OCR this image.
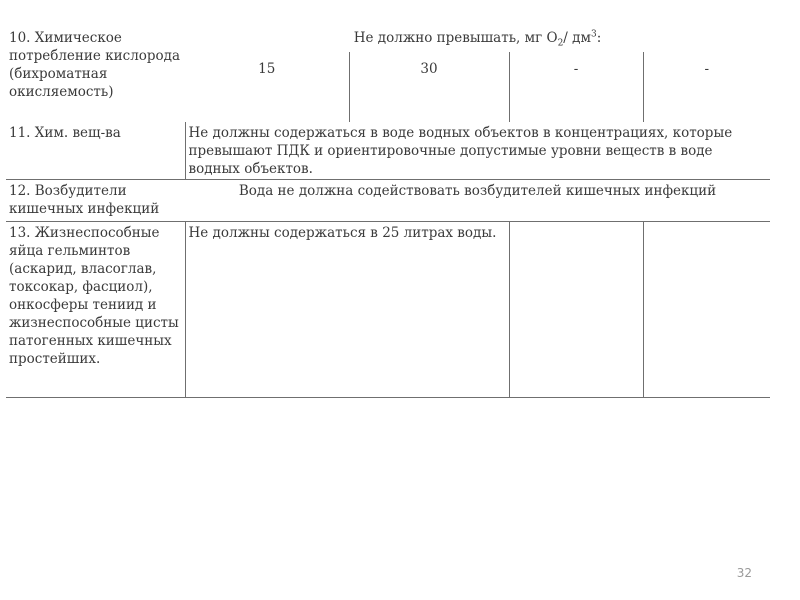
10. Химическое потребление кислорода (бихроматная окисляемость)	Не должно превышать, мг $О_2/$ $дм^3$:			
	15	30	-	-
11. Хим. вещ-ва	Не должны содержаться в воде водных объектов в концентрациях, которые превышают ПДК и ориентировочные допустимые уровни веществ в воде водных объектов.			
12. Возбудители кишечных инфекций	Вода не должна содействовать возбудителей кишечных инфекций			
13. Жизнеспособные яйца гельминтов (аскарид, власоглав, токсокар, фасциол), онкосферы тениид и жизнеспособные цисты патогенных кишечных простейших.	Не должны содержаться в 25 литрах воды.			
32
